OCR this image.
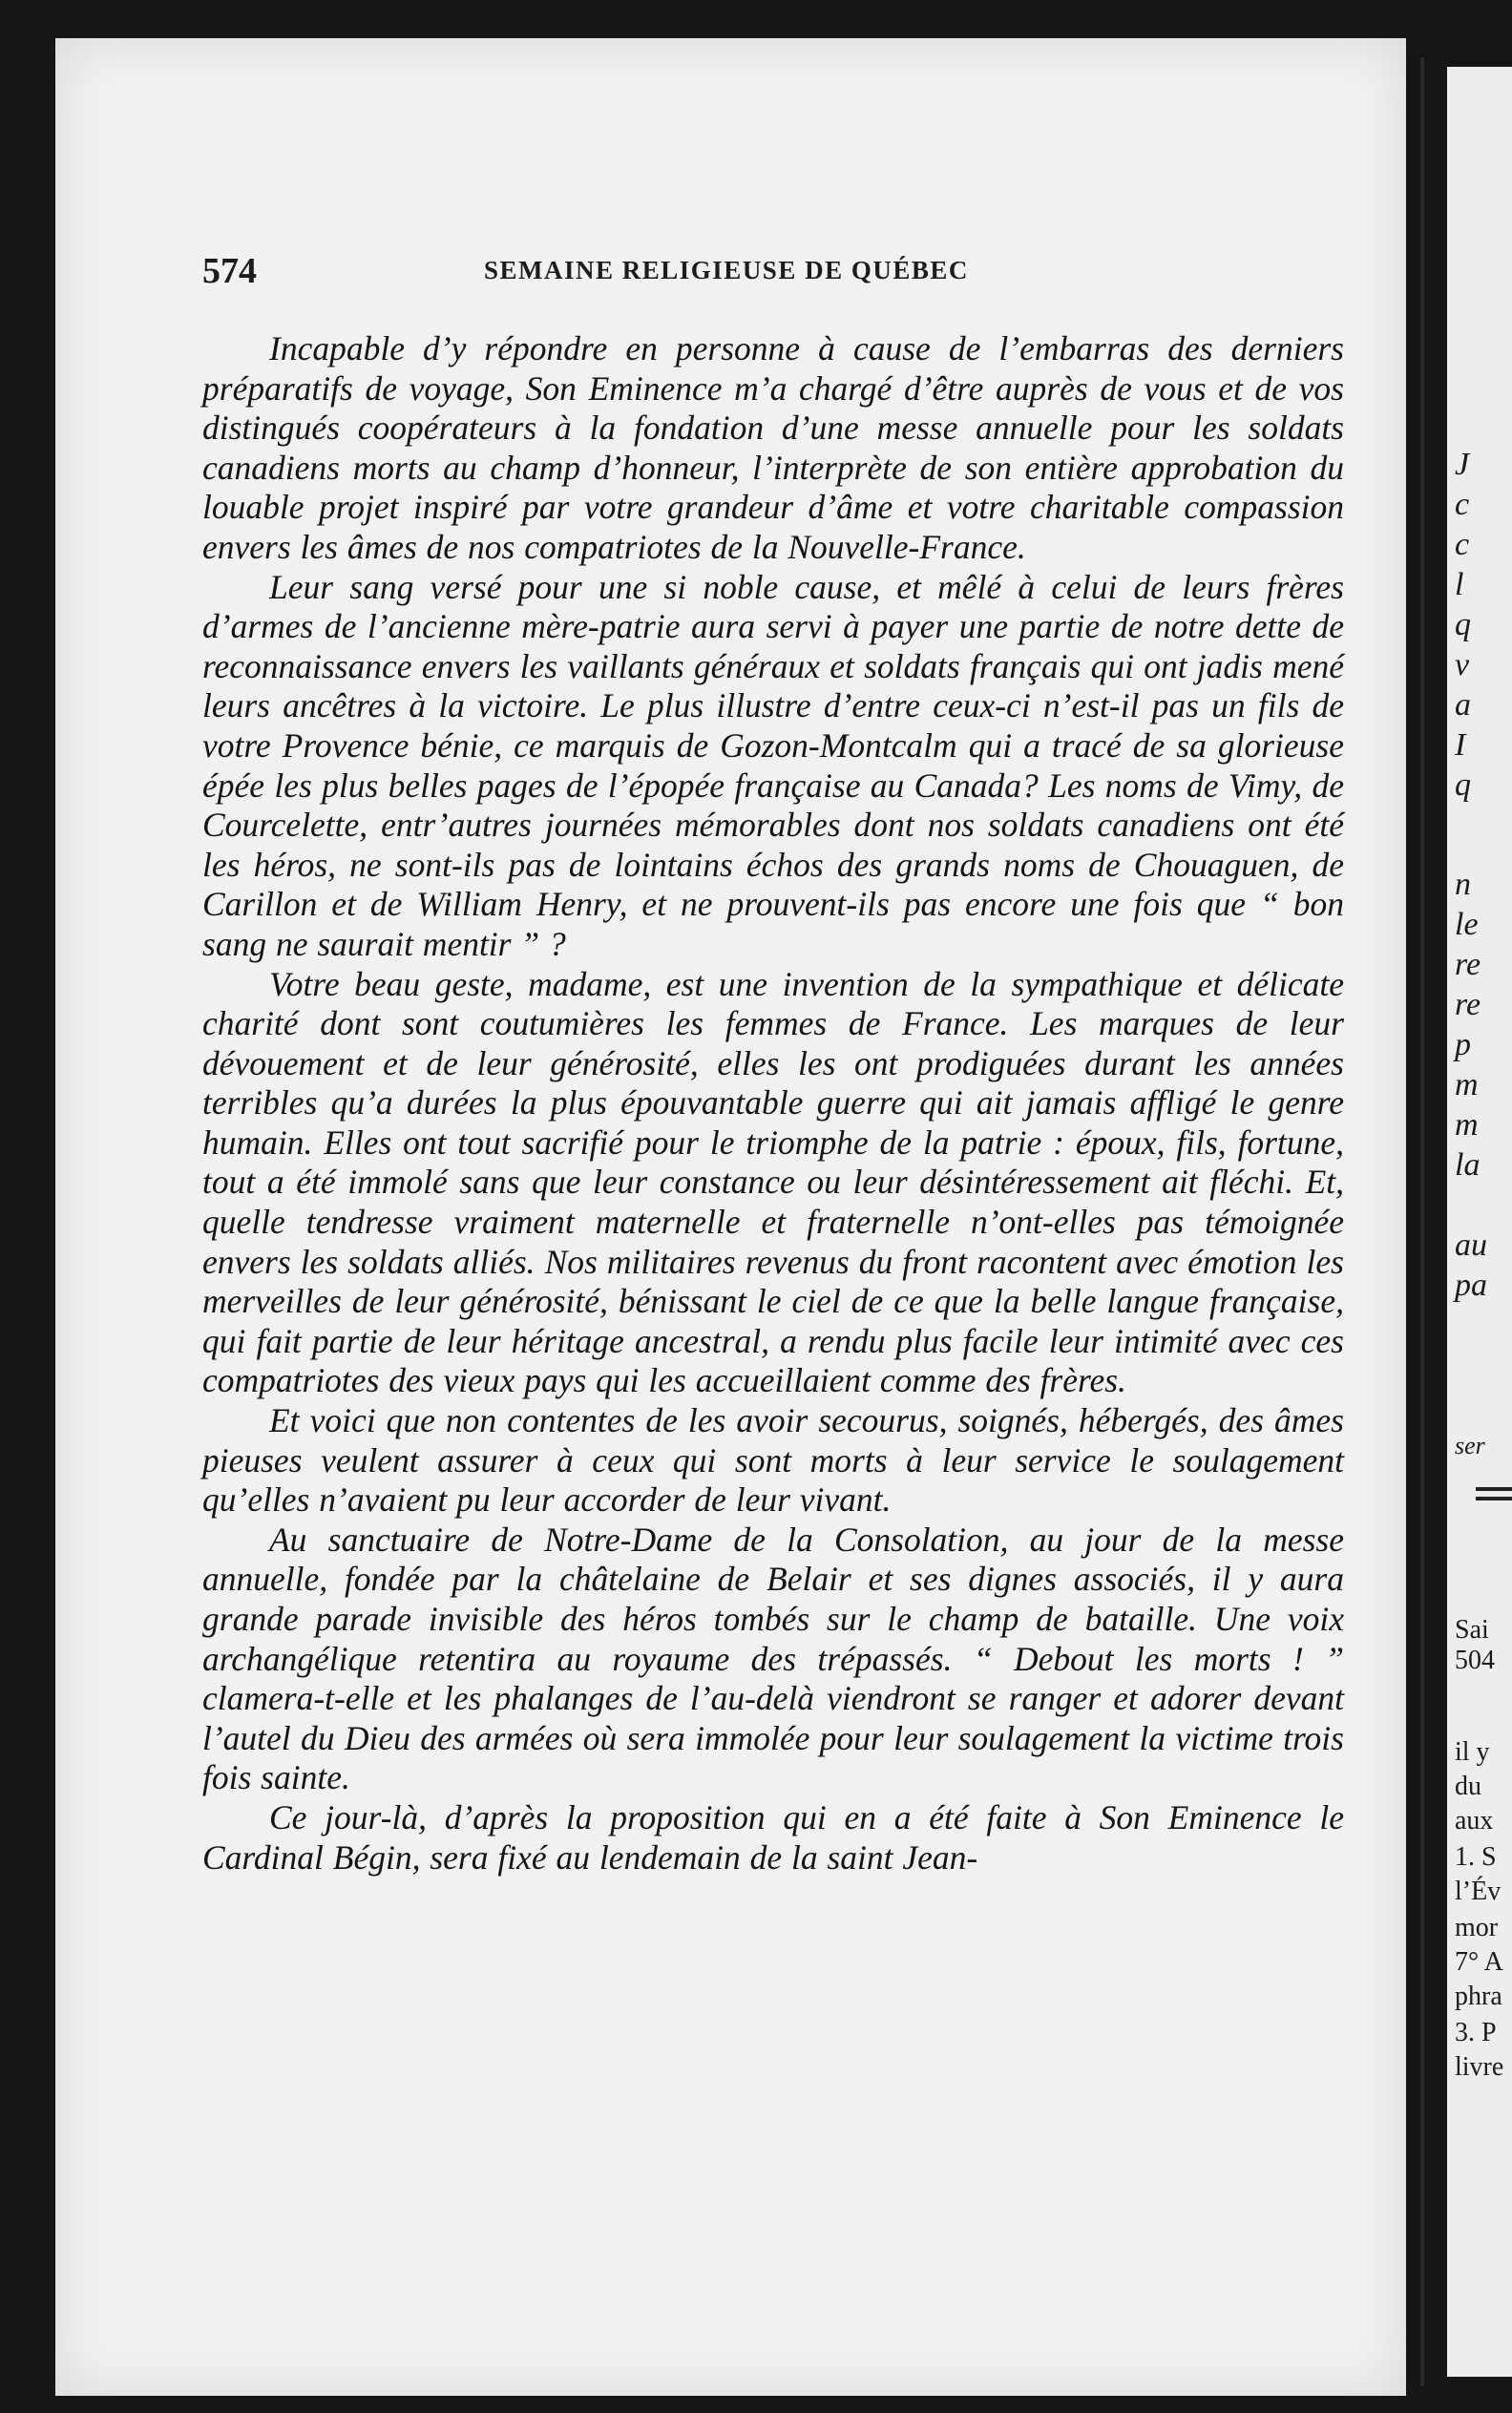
574	SEMAINE RELIGIEUSE DE QUÉBEC

Incapable d’y répondre en personne à cause de l’embarras des derniers préparatifs de voyage, Son Eminence m’a chargé d’être auprès de vous et de vos distingués coopérateurs à la fondation d’une messe annuelle pour les soldats canadiens morts au champ d’honneur, l’interprète de son entière approbation du louable projet inspiré par votre grandeur d’âme et votre charitable compassion envers les âmes de nos compatriotes de la Nouvelle-France.

Leur sang versé pour une si noble cause, et mêlé à celui de leurs frères d’armes de l’ancienne mère-patrie aura servi à payer une partie de notre dette de reconnaissance envers les vaillants généraux et soldats français qui ont jadis mené leurs ancêtres à la victoire. Le plus illustre d’entre ceux-ci n’est-il pas un fils de votre Provence bénie, ce marquis de Gozon-Montcalm qui a tracé de sa glorieuse épée les plus belles pages de l’épopée française au Canada? Les noms de Vimy, de Courcelette, entr’autres journées mémorables dont nos soldats canadiens ont été les héros, ne sont-ils pas de lointains échos des grands noms de Chouaguen, de Carillon et de William Henry, et ne prouvent-ils pas encore une fois que “ bon sang ne saurait mentir ” ?

Votre beau geste, madame, est une invention de la sympathique et délicate charité dont sont coutumières les femmes de France. Les marques de leur dévouement et de leur générosité, elles les ont prodiguées durant les années terribles qu’a durées la plus épouvantable guerre qui ait jamais affligé le genre humain. Elles ont tout sacrifié pour le triomphe de la patrie : époux, fils, fortune, tout a été immolé sans que leur constance ou leur désintéressement ait fléchi. Et, quelle tendresse vraiment maternelle et fraternelle n’ont-elles pas témoignée envers les soldats alliés. Nos militaires revenus du front racontent avec émotion les merveilles de leur générosité, bénissant le ciel de ce que la belle langue française, qui fait partie de leur héritage ancestral, a rendu plus facile leur intimité avec ces compatriotes des vieux pays qui les accueillaient comme des frères.

Et voici que non contentes de les avoir secourus, soignés, hébergés, des âmes pieuses veulent assurer à ceux qui sont morts à leur service le soulagement qu’elles n’avaient pu leur accorder de leur vivant.

Au sanctuaire de Notre-Dame de la Consolation, au jour de la messe annuelle, fondée par la châtelaine de Belair et ses dignes associés, il y aura grande parade invisible des héros tombés sur le champ de bataille. Une voix archangélique retentira au royaume des trépassés. “ Debout les morts ! ” clamera-t-elle et les phalanges de l’au-delà viendront se ranger et adorer devant l’autel du Dieu des armées où sera immolée pour leur soulagement la victime trois fois sainte.

Ce jour-là, d’après la proposition qui en a été faite à Son Eminence le Cardinal Bégin, sera fixé au lendemain de la saint Jean-

J
c
c
l
q
v
a
I
q
n
le
re
re
p
m
m
la
au
pa
ser
Sai
504
il y
du
aux
1. S
l’Év
mor
7° A
phra
3. P
livre
